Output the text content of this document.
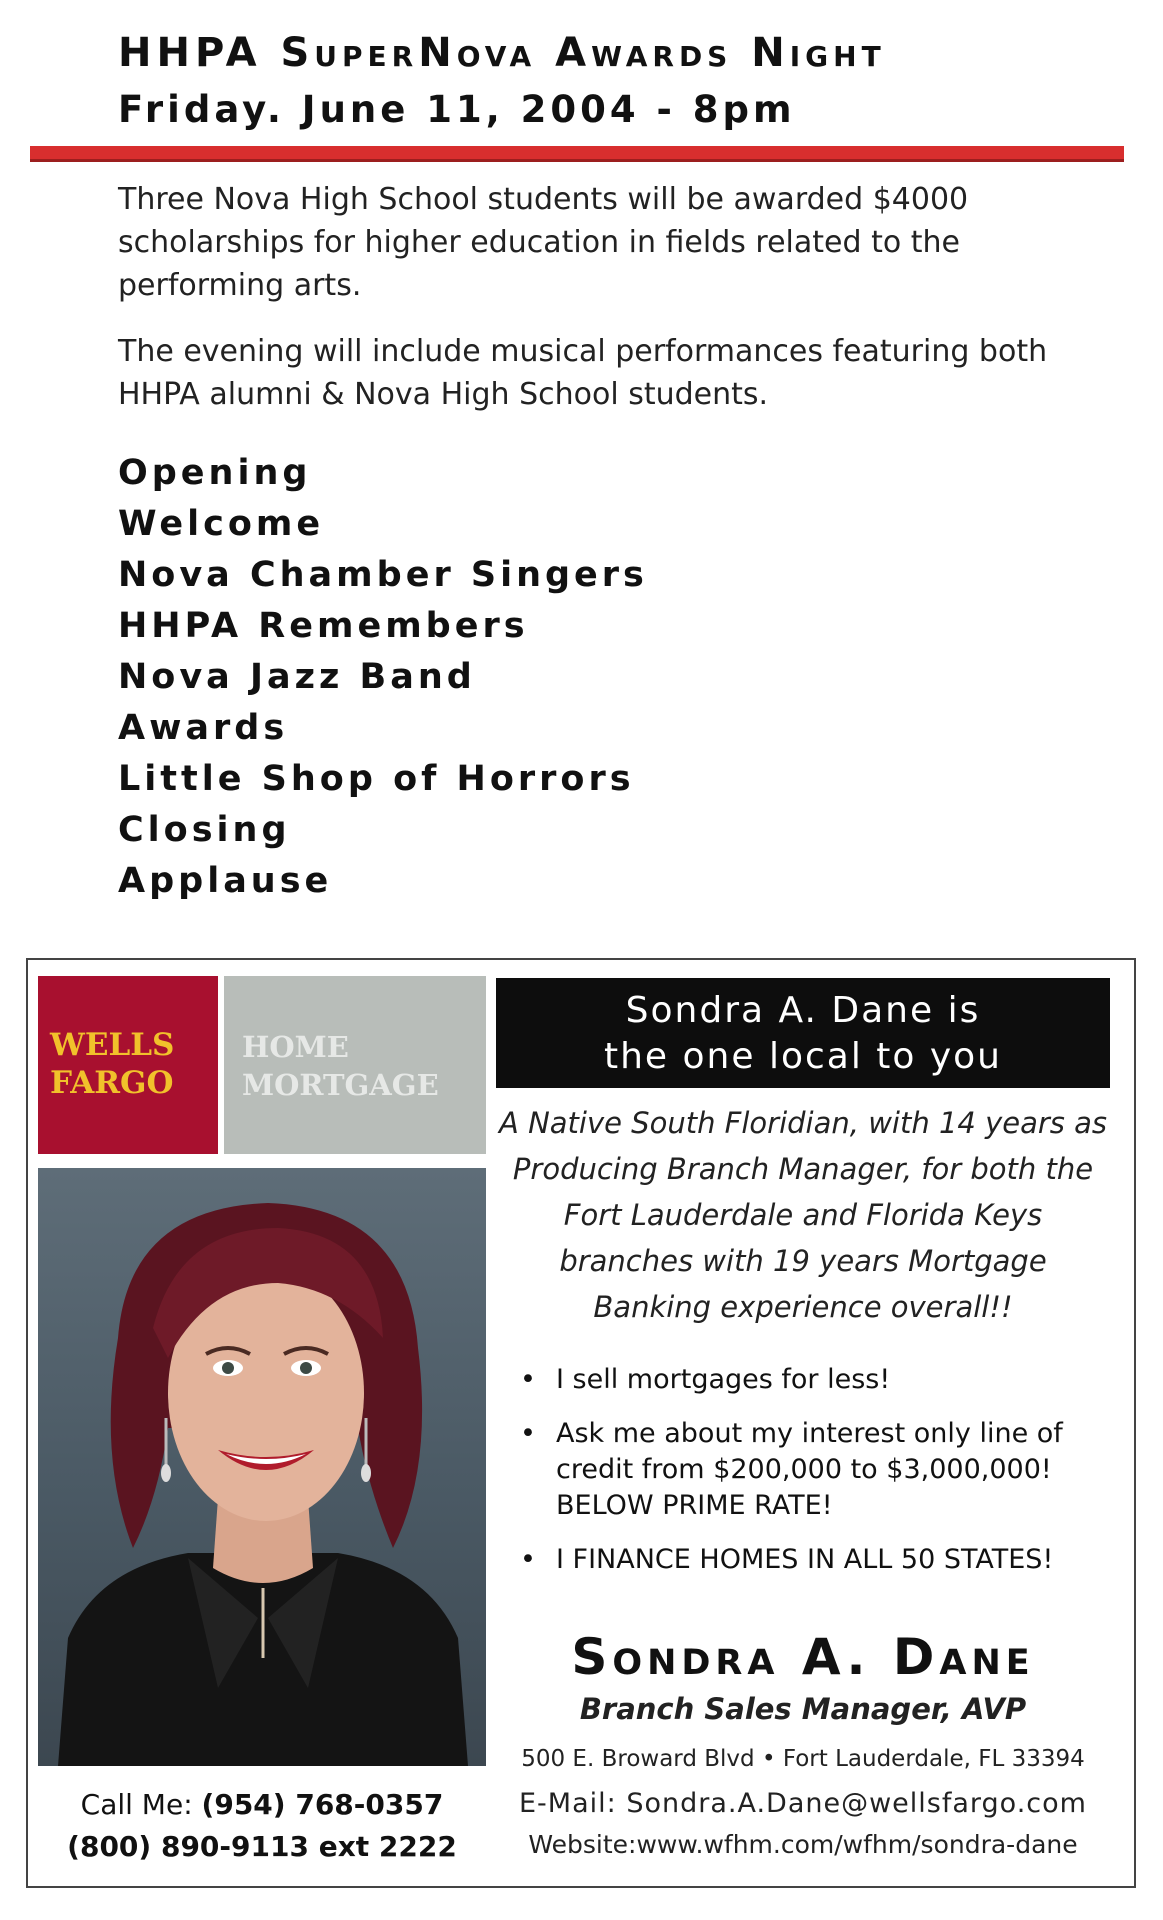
HHPA SuperNova Awards Night
Friday. June 11, 2004 - 8pm
Three Nova High School students will be awarded $4000 scholarships for higher education in fields related to the performing arts.
The evening will include musical performances featuring both HHPA alumni & Nova High School students.
Opening
Welcome
Nova Chamber Singers
HHPA Remembers
Nova Jazz Band
Awards
Little Shop of Horrors
Closing
Applause
WELLS
FARGO
HOME
MORTGAGE
Sondra A. Dane is
the one local to you
A Native South Floridian, with 14 years as Producing Branch Manager, for both the Fort Lauderdale and Florida Keys branches with 19 years Mortgage Banking experience overall!!
• I sell mortgages for less!
• Ask me about my interest only line of credit from $200,000 to $3,000,000! BELOW PRIME RATE!
• I FINANCE HOMES IN ALL 50 STATES!
Sondra A. Dane
Branch Sales Manager, AVP
500 E. Broward Blvd • Fort Lauderdale, FL 33394
E-Mail: Sondra.A.Dane@wellsfargo.com
Website:www.wfhm.com/wfhm/sondra-dane
Call Me: (954) 768-0357
(800) 890-9113 ext 2222
